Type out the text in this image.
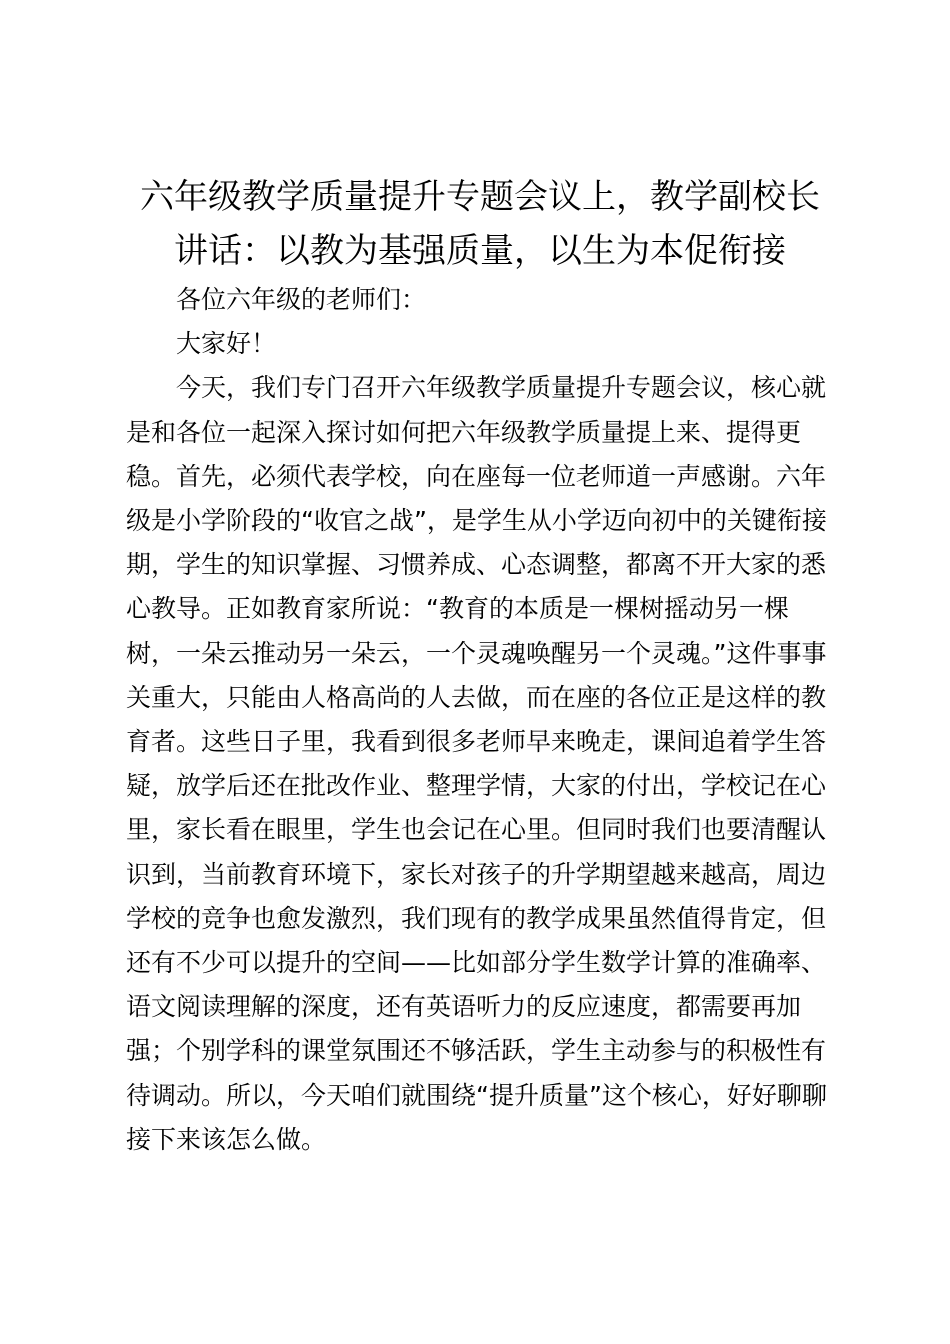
六年级教学质量提升专题会议上，教学副校长
讲话：以教为基强质量，以生为本促衔接

各位六年级的老师们：

大家好！

今天，我们专门召开六年级教学质量提升专题会议，核心就是和各位一起深入探讨如何把六年级教学质量提上来、提得更稳。首先，必须代表学校，向在座每一位老师道一声感谢。六年级是小学阶段的“收官之战”，是学生从小学迈向初中的关键衔接期，学生的知识掌握、习惯养成、心态调整，都离不开大家的悉心教导。正如教育家所说：“教育的本质是一棵树摇动另一棵树，一朵云推动另一朵云，一个灵魂唤醒另一个灵魂。”这件事事关重大，只能由人格高尚的人去做，而在座的各位正是这样的教育者。这些日子里，我看到很多老师早来晚走，课间追着学生答疑，放学后还在批改作业、整理学情，大家的付出，学校记在心里，家长看在眼里，学生也会记在心里。但同时我们也要清醒认识到，当前教育环境下，家长对孩子的升学期望越来越高，周边学校的竞争也愈发激烈，我们现有的教学成果虽然值得肯定，但还有不少可以提升的空间——比如部分学生数学计算的准确率、语文阅读理解的深度，还有英语听力的反应速度，都需要再加强；个别学科的课堂氛围还不够活跃，学生主动参与的积极性有待调动。所以，今天咱们就围绕“提升质量”这个核心，好好聊聊接下来该怎么做。
